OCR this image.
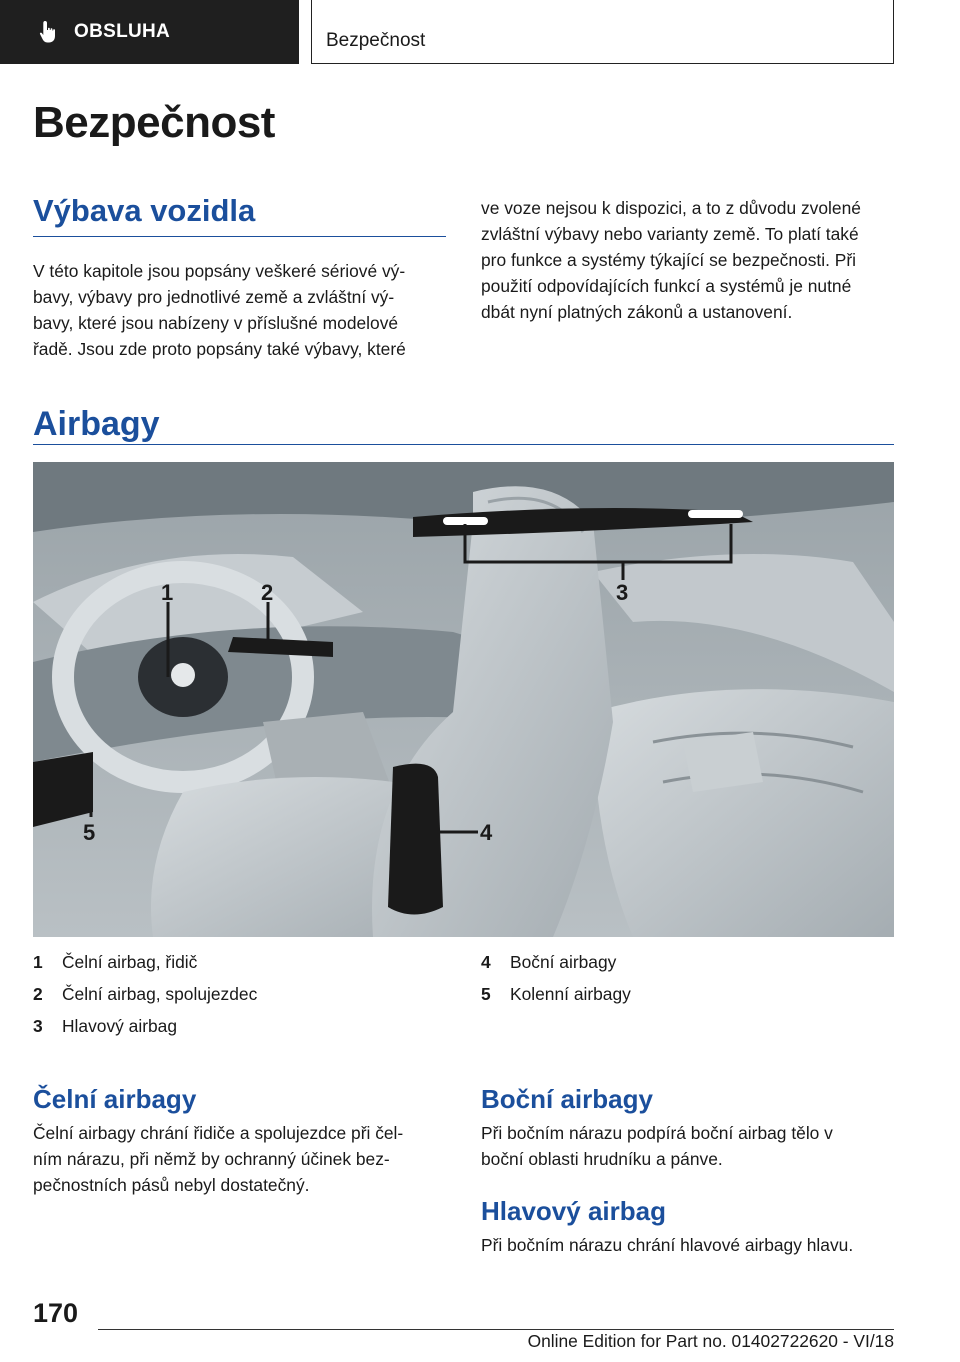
OBSLUHA	Bezpečnost
Bezpečnost
Výbava vozidla
V této kapitole jsou popsány veškeré sériové vý-
bavy, výbavy pro jednotlivé země a zvláštní vý-
bavy, které jsou nabízeny v příslušné modelové
řadě. Jsou zde proto popsány také výbavy, které
ve voze nejsou k dispozici, a to z důvodu zvolené
zvláštní výbavy nebo varianty země. To platí také
pro funkce a systémy týkající se bezpečnosti. Při
použití odpovídajících funkcí a systémů je nutné
dbát nyní platných zákonů a ustanovení.
Airbagy
1	2	3
4
5
1	Čelní airbag, řidič
2	Čelní airbag, spolujezdec
3	Hlavový airbag
4	Boční airbagy
5	Kolenní airbagy
Čelní airbagy
Čelní airbagy chrání řidiče a spolujezdce při čel-
ním nárazu, při němž by ochranný účinek bez-
pečnostních pásů nebyl dostatečný.
Boční airbagy
Při bočním nárazu podpírá boční airbag tělo v
boční oblasti hrudníku a pánve.
Hlavový airbag
Při bočním nárazu chrání hlavové airbagy hlavu.
170
Online Edition for Part no. 01402722620 - VI/18
